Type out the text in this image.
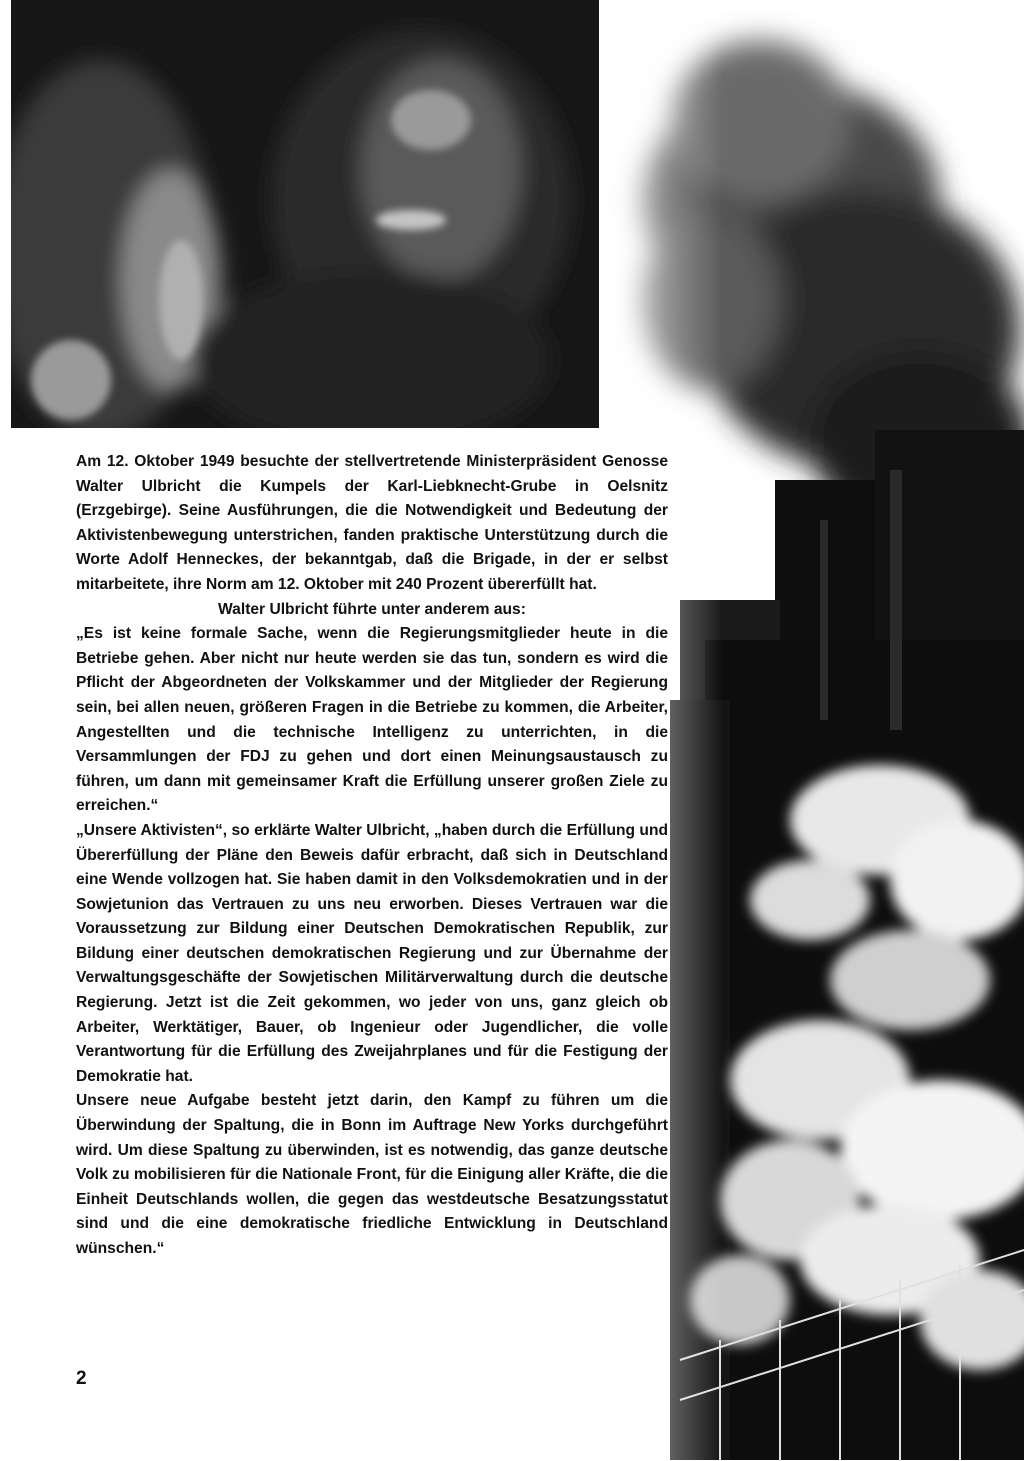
Am 12. Oktober 1949 besuchte der stellvertretende Ministerpräsident Genosse Walter Ulbricht die Kumpels der Karl-Liebknecht-Grube in Oelsnitz (Erzgebirge). Seine Ausführungen, die die Notwendigkeit und Bedeutung der Aktivistenbewegung unterstrichen, fanden praktische Unterstützung durch die Worte Adolf Henneckes, der bekanntgab, daß die Brigade, in der er selbst mitarbeitete, ihre Norm am 12. Oktober mit 240 Prozent übererfüllt hat.

Walter Ulbricht führte unter anderem aus:

„Es ist keine formale Sache, wenn die Regierungsmitglieder heute in die Betriebe gehen. Aber nicht nur heute werden sie das tun, sondern es wird die Pflicht der Abgeordneten der Volkskammer und der Mitglieder der Regierung sein, bei allen neuen, größeren Fragen in die Betriebe zu kommen, die Arbeiter, Angestellten und die technische Intelligenz zu unterrichten, in die Versammlungen der FDJ zu gehen und dort einen Meinungsaustausch zu führen, um dann mit gemeinsamer Kraft die Erfüllung unserer großen Ziele zu erreichen.“

„Unsere Aktivisten“, so erklärte Walter Ulbricht, „haben durch die Erfüllung und Übererfüllung der Pläne den Beweis dafür erbracht, daß sich in Deutschland eine Wende vollzogen hat. Sie haben damit in den Volksdemokratien und in der Sowjetunion das Vertrauen zu uns neu erworben. Dieses Vertrauen war die Voraussetzung zur Bildung einer Deutschen Demokratischen Republik, zur Bildung einer deutschen demokratischen Regierung und zur Übernahme der Verwaltungsgeschäfte der Sowjetischen Militärverwaltung durch die deutsche Regierung. Jetzt ist die Zeit gekommen, wo jeder von uns, ganz gleich ob Arbeiter, Werktätiger, Bauer, ob Ingenieur oder Jugendlicher, die volle Verantwortung für die Erfüllung des Zweijahrplanes und für die Festigung der Demokratie hat.

Unsere neue Aufgabe besteht jetzt darin, den Kampf zu führen um die Überwindung der Spaltung, die in Bonn im Auftrage New Yorks durchgeführt wird. Um diese Spaltung zu überwinden, ist es notwendig, das ganze deutsche Volk zu mobilisieren für die Nationale Front, für die Einigung aller Kräfte, die die Einheit Deutschlands wollen, die gegen das westdeutsche Besatzungsstatut sind und die eine demokratische friedliche Entwicklung in Deutschland wünschen.“

2
